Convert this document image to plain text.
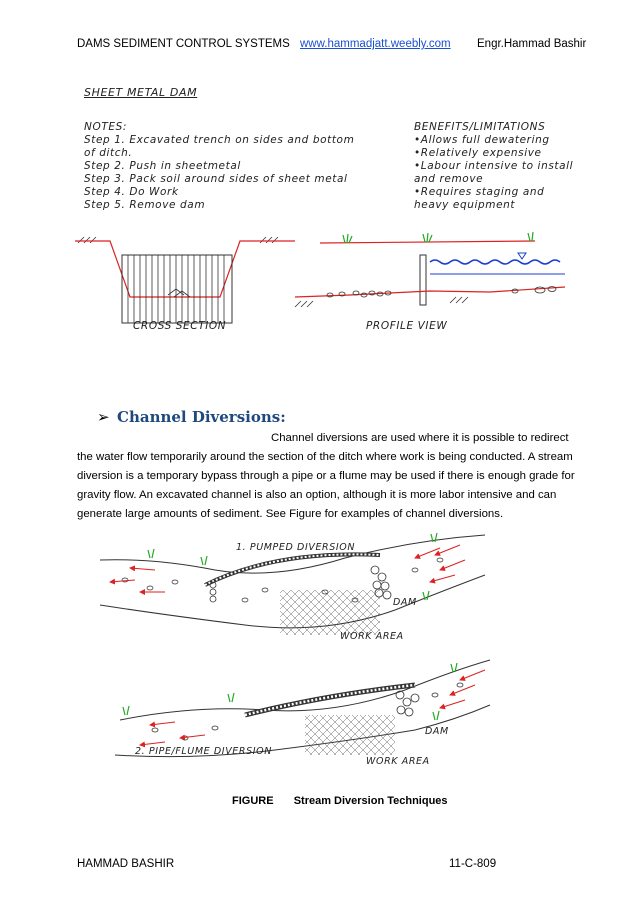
DAMS SEDIMENT CONTROL SYSTEMS www.hammadjatt.weebly.com Engr.Hammad Bashir
SHEET METAL DAM
NOTES:
Step 1. Excavated trench on sides and bottom
of ditch.
Step 2. Push in sheetmetal
Step 3. Pack soil around sides of sheet metal
Step 4. Do Work
Step 5. Remove dam
BENEFITS/LIMITATIONS
•Allows full dewatering
•Relatively expensive
•Labour intensive to install
and remove
•Requires staging and
heavy equipment
CROSS SECTION	PROFILE VIEW
➢ Channel Diversions:
Channel diversions are used where it is possible to redirect
the water flow temporarily around the section of the ditch where work is being conducted. A stream
diversion is a temporary bypass through a pipe or a flume may be used if there is enough grade for
gravity flow. An excavated channel is also an option, although it is more labor intensive and can
generate large amounts of sediment. See Figure for examples of channel diversions.
1. PUMPED DIVERSION
DAM
WORK AREA
DAM
2. PIPE/FLUME DIVERSION
WORK AREA
FIGURE Stream Diversion Techniques
HAMMAD BASHIR	11-C-809
